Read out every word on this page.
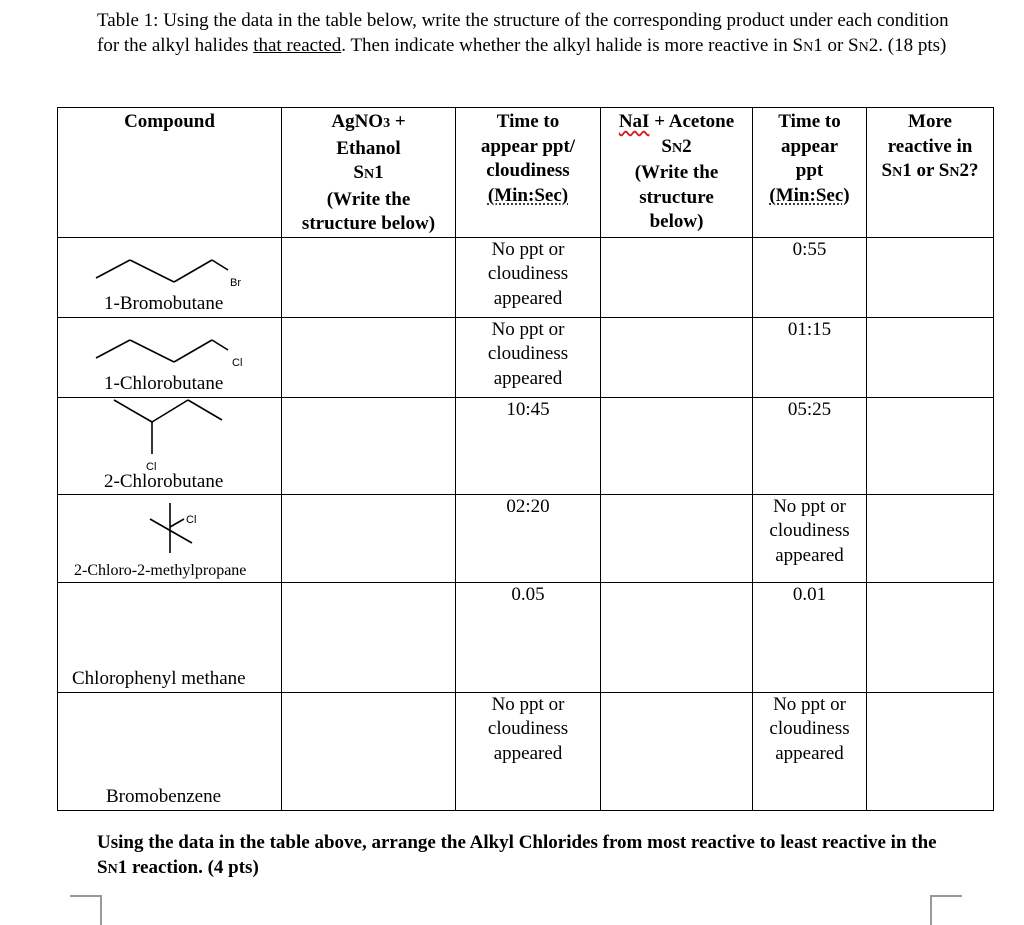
Table 1: Using the data in the table below, write the structure of the corresponding product under each condition for the alkyl halides that reacted. Then indicate whether the alkyl halide is more reactive in SN1 or SN2. (18 pts)
Compound	AgNO3 +
Ethanol
SN1
(Write the
structure below)	Time to
appear ppt/
cloudiness
(Min:Sec)	NaI + Acetone
SN2
(Write the
structure
below)	Time to
appear
ppt
(Min:Sec)	More
reactive in
SN1 or SN2?

Br
1-Bromobutane		No ppt or cloudiness appeared		0:55	

Cl
1-Chlorobutane		No ppt or cloudiness appeared		01:15	

Cl
2-Chlorobutane		10:45		05:25	

Cl
2-Chloro-2-methylpropane		02:20		No ppt or cloudiness appeared	

Chlorophenyl methane		0.05		0.01	

Bromobenzene		No ppt or cloudiness appeared		No ppt or cloudiness appeared	
Using the data in the table above, arrange the Alkyl Chlorides from most reactive to least reactive in the SN1 reaction. (4 pts)
